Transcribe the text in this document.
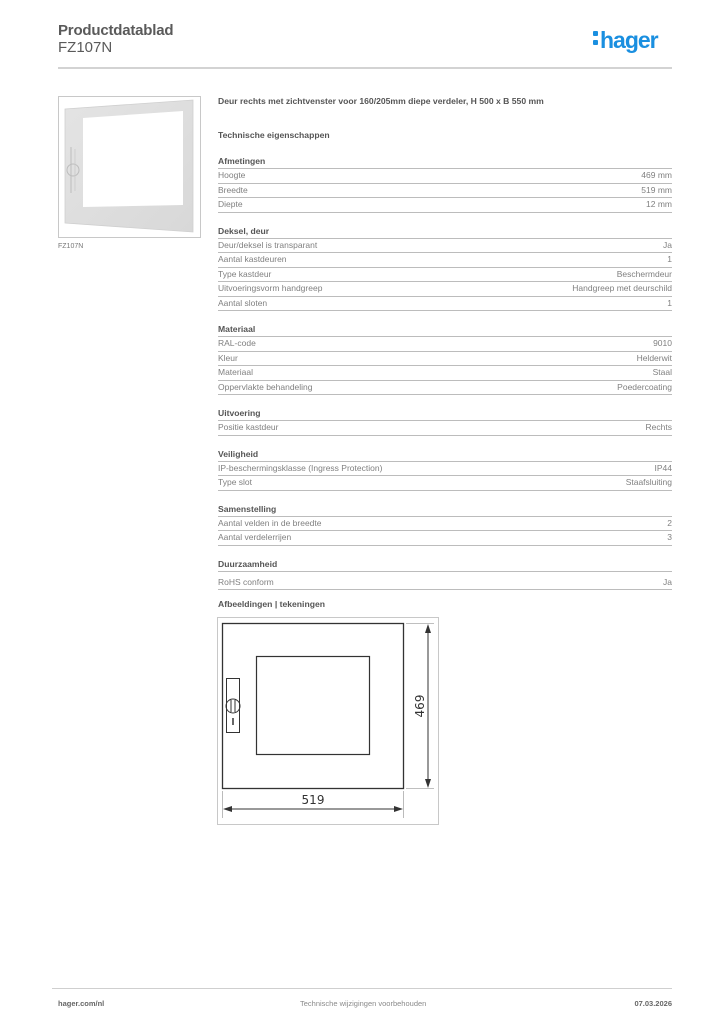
Productdatablad
FZ107N	hager
FZ107N
Deur rechts met zichtvenster voor 160/205mm diepe verdeler, H 500 x B 550 mm
Technische eigenschappen
Afmetingen
Hoogte	469 mm
Breedte	519 mm
Diepte	12 mm
Deksel, deur
Deur/deksel is transparant	Ja
Aantal kastdeuren	1
Type kastdeur	Beschermdeur
Uitvoeringsvorm handgreep	Handgreep met deurschild
Aantal sloten	1
Materiaal
RAL-code	9010
Kleur	Helderwit
Materiaal	Staal
Oppervlakte behandeling	Poedercoating
Uitvoering
Positie kastdeur	Rechts
Veiligheid
IP-beschermingsklasse (Ingress Protection)	IP44
Type slot	Staafsluiting
Samenstelling
Aantal velden in de breedte	2
Aantal verdelerrijen	3
Duurzaamheid
RoHS conform	Ja
Afbeeldingen | tekeningen
469
519
hager.com/nl	Technische wijzigingen voorbehouden	07.03.2026
